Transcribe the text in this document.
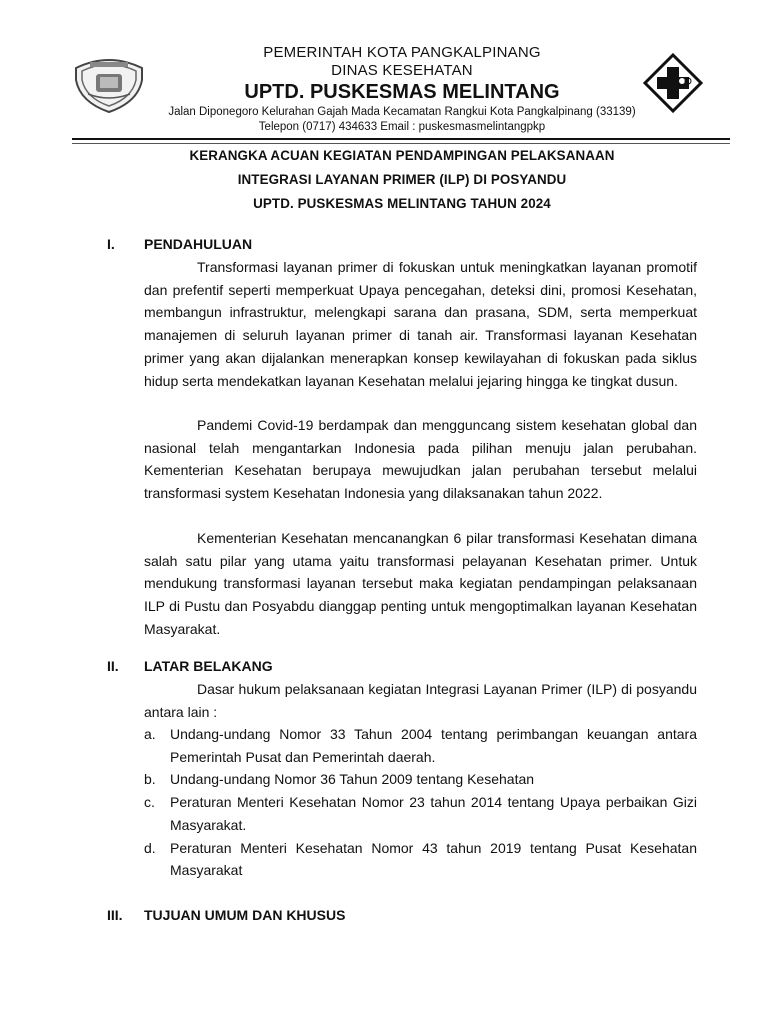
PEMERINTAH KOTA PANGKALPINANG
DINAS KESEHATAN
UPTD. PUSKESMAS MELINTANG
Jalan Diponegoro Kelurahan Gajah Mada Kecamatan Rangkui Kota Pangkalpinang (33139)
Telepon (0717) 434633 Email : puskesmasmelintangpkp
KERANGKA ACUAN KEGIATAN PENDAMPINGAN PELAKSANAAN
INTEGRASI LAYANAN PRIMER (ILP) DI POSYANDU
UPTD. PUSKESMAS MELINTANG TAHUN 2024
I. PENDAHULUAN

Transformasi layanan primer di fokuskan untuk meningkatkan layanan promotif dan prefentif seperti memperkuat Upaya pencegahan, deteksi dini, promosi Kesehatan, membangun infrastruktur, melengkapi sarana dan prasana, SDM, serta memperkuat manajemen di seluruh layanan primer di tanah air. Transformasi layanan Kesehatan primer yang akan dijalankan menerapkan konsep kewilayahan di fokuskan pada siklus hidup serta mendekatkan layanan Kesehatan melalui jejaring hingga ke tingkat dusun.

Pandemi Covid-19 berdampak dan mengguncang sistem kesehatan global dan nasional telah mengantarkan Indonesia pada pilihan menuju jalan perubahan. Kementerian Kesehatan berupaya mewujudkan jalan perubahan tersebut melalui transformasi system Kesehatan Indonesia yang dilaksanakan tahun 2022.

Kementerian Kesehatan mencanangkan 6 pilar transformasi Kesehatan dimana salah satu pilar yang utama yaitu transformasi pelayanan Kesehatan primer. Untuk mendukung transformasi layanan tersebut maka kegiatan pendampingan pelaksanaan ILP di Pustu dan Posyabdu dianggap penting untuk mengoptimalkan layanan Kesehatan Masyarakat.

II. LATAR BELAKANG

Dasar hukum pelaksanaan kegiatan Integrasi Layanan Primer (ILP) di posyandu antara lain :

a. Undang-undang Nomor 33 Tahun 2004 tentang perimbangan keuangan antara Pemerintah Pusat dan Pemerintah daerah.
b. Undang-undang Nomor 36 Tahun 2009 tentang Kesehatan
c. Peraturan Menteri Kesehatan Nomor 23 tahun 2014 tentang Upaya perbaikan Gizi Masyarakat.
d. Peraturan Menteri Kesehatan Nomor 43 tahun 2019 tentang Pusat Kesehatan Masyarakat
III. TUJUAN UMUM DAN KHUSUS
